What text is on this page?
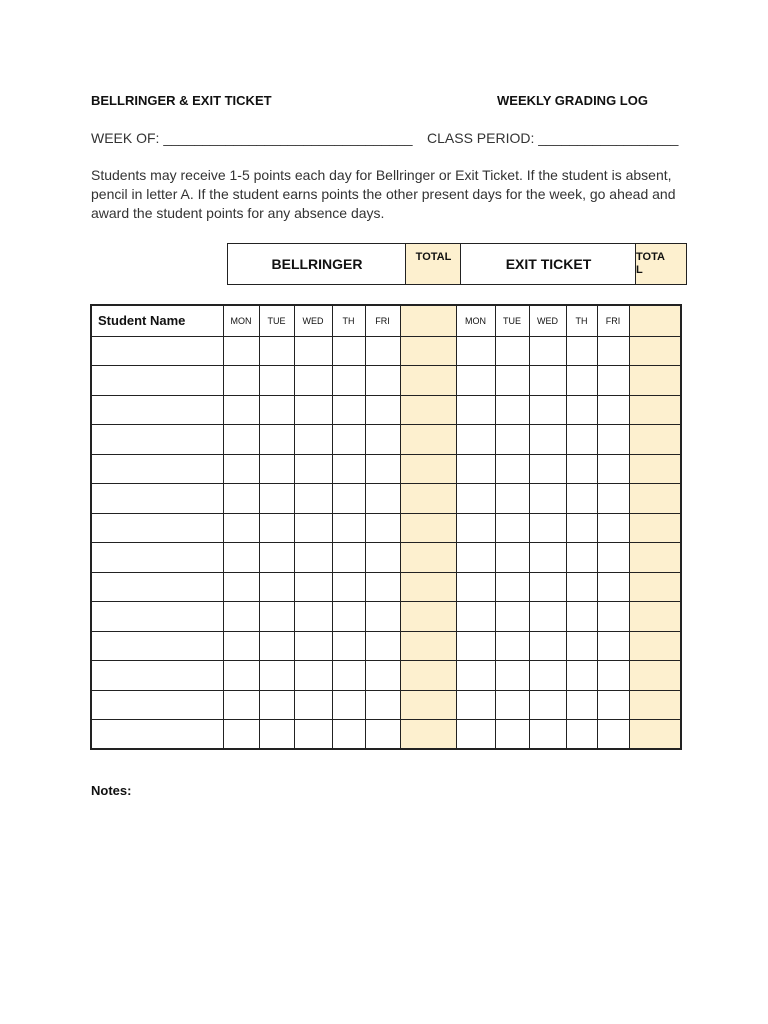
BELLRINGER & EXIT TICKET	WEEKLY GRADING LOG
WEEK OF: ________________________________ CLASS PERIOD: __________________
Students may receive 1-5 points each day for Bellringer or Exit Ticket. If the student is absent, pencil in letter A. If the student earns points the other present days for the week, go ahead and award the student points for any absence days.
BELLRINGER	TOTAL	EXIT TICKET	TOTA
L
Student Name	MON	TUE	WED	TH	FRI		MON	TUE	WED	TH	FRI	

Notes:
